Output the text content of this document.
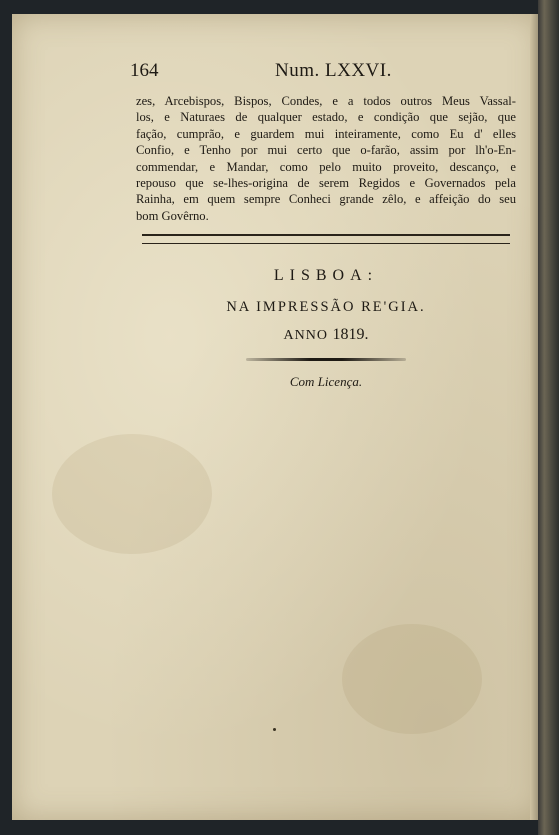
164	Num. LXXVI.
zes, Arcebispos, Bispos, Condes, e a todos outros Meus Vassal-
los, e Naturaes de qualquer estado, e condição que sejão, que
fação, cumprão, e guardem mui inteiramente, como Eu d' elles
Confio, e Tenho por mui certo que o-farão, assim por lh'o-En-
commendar, e Mandar, como pelo muito proveito, descanço, e
repouso que se-lhes-origina de serem Regidos e Governados pela
Rainha, em quem sempre Conheci grande zêlo, e affeição do seu
bom Govêrno.
LISBOA:
NA IMPRESSÃO RE'GIA.
ANNO 1819.
Com Licença.
